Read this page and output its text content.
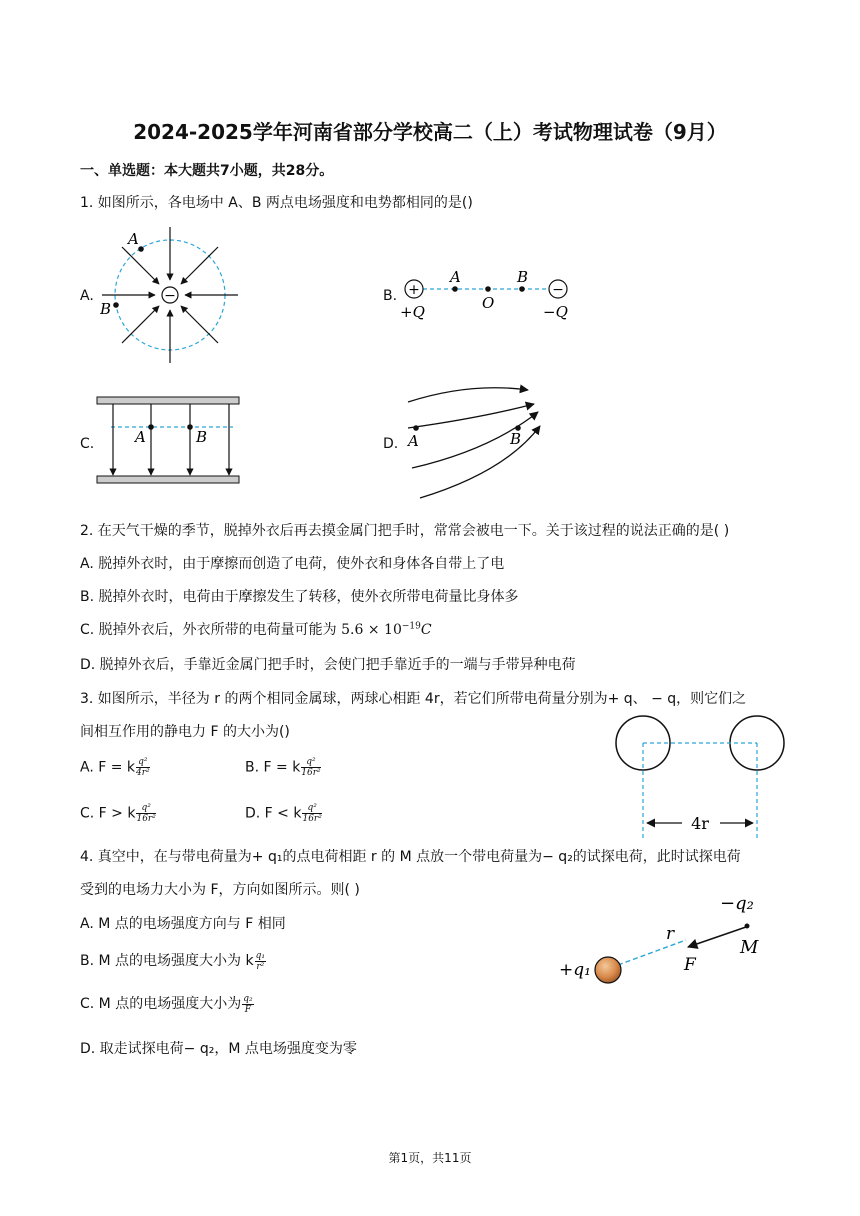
2024-2025学年河南省部分学校高二（上）考试物理试卷（9月）
一、单选题：本大题共7小题，共28分。
1. 如图所示，各电场中 A、B 两点电场强度和电势都相同的是()
A.	−
A
B
B. +	−
A
O
B
+Q	−Q
C.	A	B	D. A	B
2. 在天气干燥的季节，脱掉外衣后再去摸金属门把手时，常常会被电一下。关于该过程的说法正确的是( )
A. 脱掉外衣时，由于摩擦而创造了电荷，使外衣和身体各自带上了电
B. 脱掉外衣时，电荷由于摩擦发生了转移，使外衣所带电荷量比身体多
C. 脱掉外衣后，外衣所带的电荷量可能为 $5.6 \times 10^{-19}C$
D. 脱掉外衣后，手靠近金属门把手时，会使门把手靠近手的一端与手带异种电荷
3. 如图所示，半径为 r 的两个相同金属球，两球心相距 4r，若它们所带电荷量分别为+ q、 − q，则它们之
间相互作用的静电力 F 的大小为()
A. F = k $\frac{\text{q²}}{\text{4r²}}$	B. F = k $\frac{\text{q²}}{\text{16r²}}$
C. F > k $\frac{\text{q²}}{\text{16r²}}$	D. F < k $\frac{\text{q²}}{\text{16r²}}$	4r
4. 真空中，在与带电荷量为+ q₁的点电荷相距 r 的 M 点放一个带电荷量为− q₂的试探电荷，此时试探电荷
受到的电场力大小为 F，方向如图所示。则( )
A. M 点的电场强度方向与 F 相同
B. M 点的电场强度大小为 k $\frac{\text{q₁}}{\text{r²}}$
C. M 点的电场强度大小为 $\frac{\text{q₂}}{F}$
D. 取走试探电荷− q₂，M 点电场强度变为零
−q₂
r
M
F
+q₁
第1页，共11页
